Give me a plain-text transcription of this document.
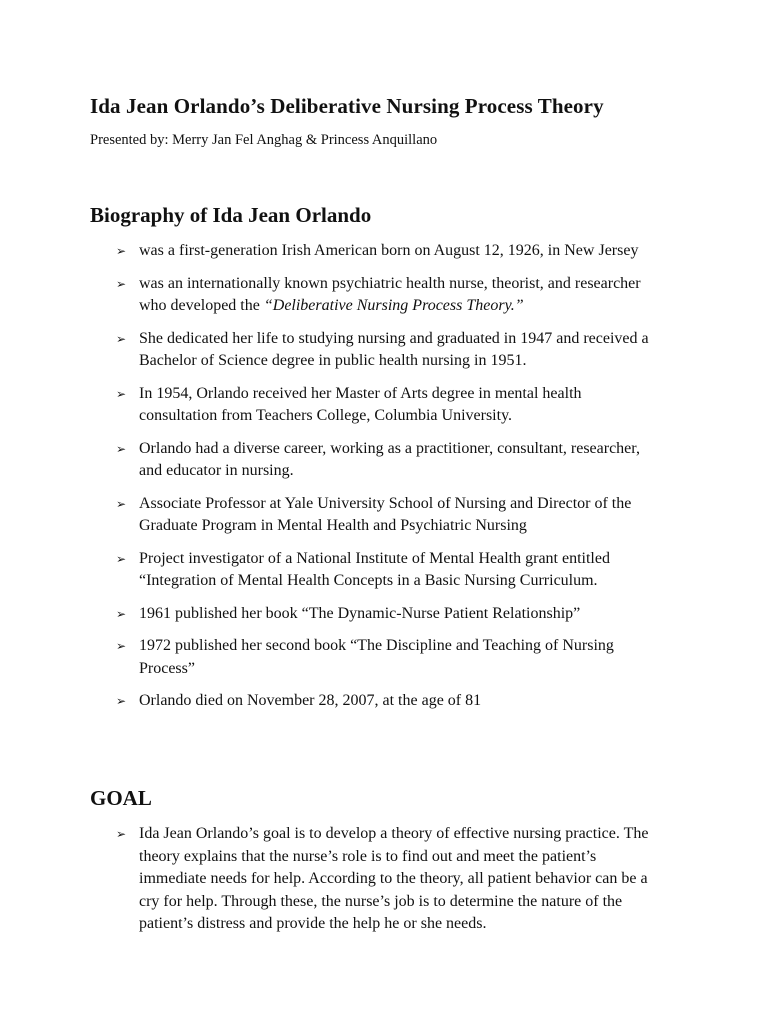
Ida Jean Orlando’s Deliberative Nursing Process Theory

Presented by: Merry Jan Fel Anghag & Princess Anquillano

Biography of Ida Jean Orlando
➢ was a first-generation Irish American born on August 12, 1926, in New Jersey
➢ was an internationally known psychiatric health nurse, theorist, and researcher who developed the “Deliberative Nursing Process Theory.”
➢ She dedicated her life to studying nursing and graduated in 1947 and received a Bachelor of Science degree in public health nursing in 1951.
➢ In 1954, Orlando received her Master of Arts degree in mental health consultation from Teachers College, Columbia University.
➢ Orlando had a diverse career, working as a practitioner, consultant, researcher, and educator in nursing.
➢ Associate Professor at Yale University School of Nursing and Director of the Graduate Program in Mental Health and Psychiatric Nursing
➢ Project investigator of a National Institute of Mental Health grant entitled “Integration of Mental Health Concepts in a Basic Nursing Curriculum.
➢ 1961 published her book “The Dynamic-Nurse Patient Relationship”
➢ 1972 published her second book “The Discipline and Teaching of Nursing Process”
➢ Orlando died on November 28, 2007, at the age of 81
GOAL
➢ Ida Jean Orlando’s goal is to develop a theory of effective nursing practice. The theory explains that the nurse’s role is to find out and meet the patient’s immediate needs for help. According to the theory, all patient behavior can be a cry for help. Through these, the nurse’s job is to determine the nature of the patient’s distress and provide the help he or she needs.
